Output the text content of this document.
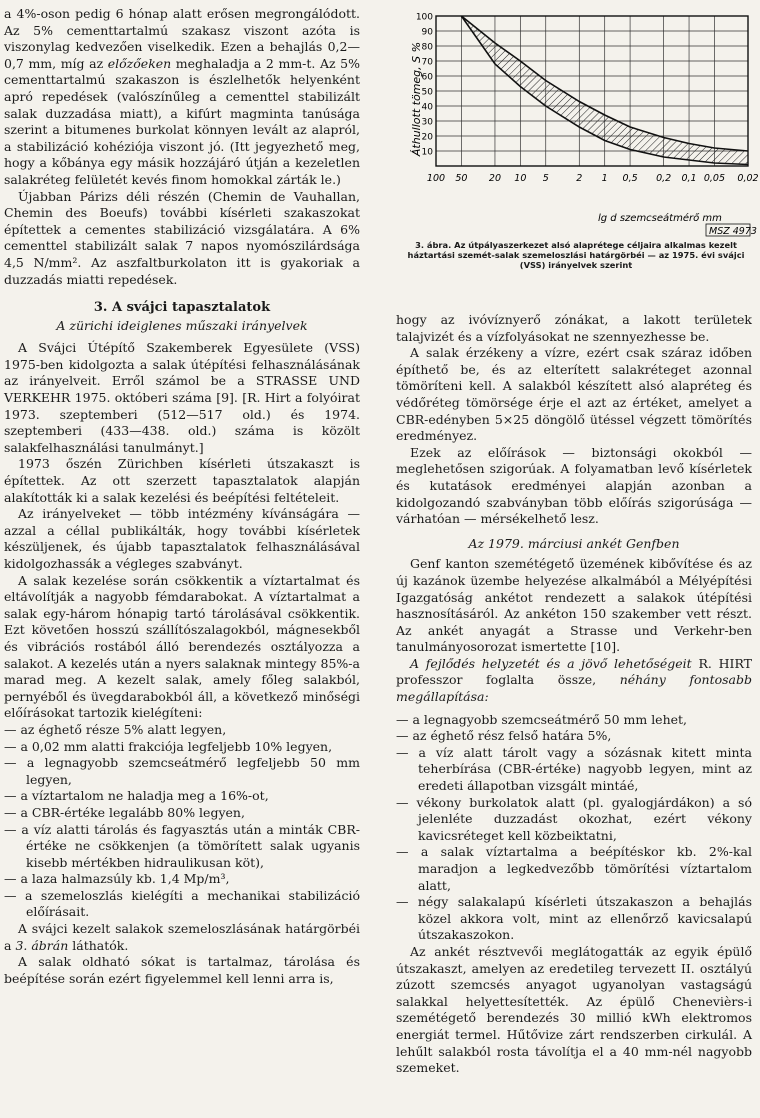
a 4%-oson pedig 6 hónap alatt erősen megrongálódott. Az 5% cementtartalmú szakasz viszont azóta is viszonylag kedvezően viselkedik. Ezen a behajlás 0,2—0,7 mm, míg az előzőeken meghaladja a 2 mm-t. Az 5% cementtartalmú szakaszon is észlelhetők helyenként apró repedések (valószínűleg a cementtel stabilizált salak duzzadása miatt), a kifúrt magminta tanúsága szerint a bitumenes burkolat könnyen levált az alapról, a stabilizáció kohéziója viszont jó. (Itt jegyezhető meg, hogy a kőbánya egy másik hozzájáró útján a kezeletlen salakréteg felületét kevés finom homokkal zárták le.)

Újabban Párizs déli részén (Chemin de Vauhallan, Chemin des Boeufs) további kísérleti szakaszokat építettek a cementes stabilizáció vizsgálatára. A 6% cementtel stabilizált salak 7 napos nyomószilárdsága 4,5 N/mm². Az aszfaltburkolaton itt is gyakoriak a duzzadás miatti repedések.

3. A svájci tapasztalatok
A zürichi ideiglenes műszaki irányelvek

A Svájci Útépítő Szakemberek Egyesülete (VSS) 1975-ben kidolgozta a salak útépítési felhasználásának az irányelveit. Erről számol be a STRASSE UND VERKEHR 1975. októberi száma [9]. [R. Hirt a folyóirat 1973. szeptemberi (512—517 old.) és 1974. szeptemberi (433—438. old.) száma is közölt salakfelhasználási tanulmányt.]

1973 őszén Zürichben kísérleti útszakaszt is építettek. Az ott szerzett tapasztalatok alapján alakították ki a salak kezelési és beépítési feltételeit.

Az irányelveket — több intézmény kívánságára — azzal a céllal publikálták, hogy további kísérletek készüljenek, és újabb tapasztalatok felhasználásával kidolgozhassák a végleges szabványt.

A salak kezelése során csökkentik a víztartalmat és eltávolítják a nagyobb fémdarabokat. A víztartalmat a salak egy-három hónapig tartó tárolásával csökkentik. Ezt követően hosszú szállítószalagokból, mágnesekből és vibrációs rostából álló berendezés osztályozza a salakot. A kezelés után a nyers salaknak mintegy 85%-a marad meg. A kezelt salak, amely főleg salakból, pernyéből és üvegdarabokból áll, a következő minőségi előírásokat tartozik kielégíteni:

— az éghető része 5% alatt legyen,
— a 0,02 mm alatti frakciója legfeljebb 10% legyen,
— a legnagyobb szemcseátmérő legfeljebb 50 mm legyen,
— a víztartalom ne haladja meg a 16%-ot,
— a CBR-értéke legalább 80% legyen,
— a víz alatti tárolás és fagyasztás után a minták CBR-értéke ne csökkenjen (a tömörített salak ugyanis kisebb mértékben hidraulikusan köt),
— a laza halmazsúly kb. 1,4 Mp/m³,
— a szemeloszlás kielégíti a mechanikai stabilizáció előírásait.

A svájci kezelt salakok szemeloszlásának határgörbéi a 3. ábrán láthatók.

A salak oldható sókat is tartalmaz, tárolása és beépítése során ezért figyelemmel kell lenni arra is,

100
90
80
70
60
50
40
30
20
10
100 50 20 10 5	2 1 0,5 0,2 0,1 0,05 0,02
Áthullott tömeg, S %
lg d szemcseátmérő mm
MSZ 4973
3. ábra. Az útpályaszerkezet alsó alaprétege céljaira alkalmas kezelt háztartási szemét-salak szemeloszlási határgörbéi — az 1975. évi svájci (VSS) irányelvek szerint

hogy az ivóvíznyerő zónákat, a lakott területek talajvizét és a vízfolyásokat ne szennyezhesse be.

A salak érzékeny a vízre, ezért csak száraz időben építhető be, és az elterített salakréteget azonnal tömöríteni kell. A salakból készített alsó alapréteg és védőréteg tömörsége érje el azt az értéket, amelyet a CBR-edényben 5×25 döngölő ütéssel végzett tömörítés eredményez.

Ezek az előírások — biztonsági okokból — meglehetősen szigorúak. A folyamatban levő kísérletek és kutatások eredményei alapján azonban a kidolgozandó szabványban több előírás szigorúsága — várhatóan — mérsékelhető lesz.

Az 1979. márciusi ankét Genfben

Genf kanton szemétégető üzemének kibővítése és az új kazánok üzembe helyezése alkalmából a Mélyépítési Igazgatóság ankétot rendezett a salakok útépítési hasznosításáról. Az ankéton 150 szakember vett részt. Az ankét anyagát a Strasse und Verkehr-ben tanulmányosorozat ismertette [10].

A fejlődés helyzetét és a jövő lehetőségeit R. HIRT professzor foglalta össze, néhány fontosabb megállapítása:

— a legnagyobb szemcseátmérő 50 mm lehet,
— az éghető rész felső határa 5%,
— a víz alatt tárolt vagy a sózásnak kitett minta teherbírása (CBR-értéke) nagyobb legyen, mint az eredeti állapotban vizsgált mintáé,
— vékony burkolatok alatt (pl. gyalogjárdákon) a só jelenléte duzzadást okozhat, ezért vékony kavicsréteget kell közbeiktatni,
— a salak víztartalma a beépítéskor kb. 2%-kal maradjon a legkedvezőbb tömörítési víztartalom alatt,
— négy salakalapú kísérleti útszakaszon a behajlás közel akkora volt, mint az ellenőrző kavicsalapú útszakaszokon.

Az ankét résztvevői meglátogatták az egyik épülő útszakaszt, amelyen az eredetileg tervezett II. osztályú zúzott szemcsés anyagot ugyanolyan vastagságú salakkal helyettesítették. Az épülő Chenevièrs-i szemétégető berendezés 30 millió kWh elektromos energiát termel. Hűtővize zárt rendszerben cirkulál. A lehűlt salakból rosta távolítja el a 40 mm-nél nagyobb szemeket.
